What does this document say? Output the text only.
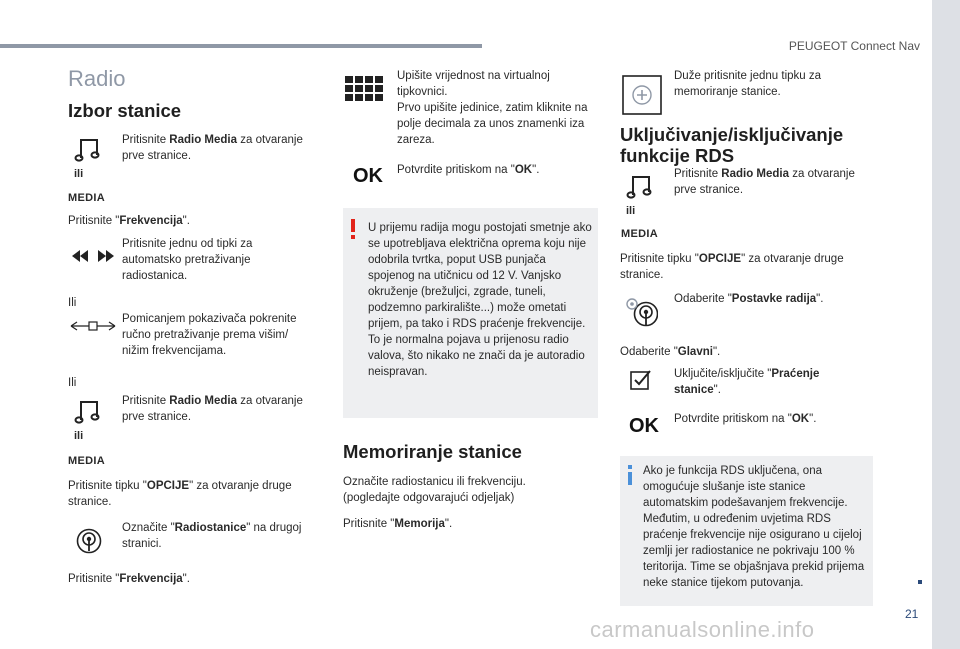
PEUGEOT Connect Nav
21
Radio
Izbor stanice
Pritisnite Radio Media za otvaranje prve stranice.
ili
MEDIA
Pritisnite "Frekvencija".
Pritisnite jednu od tipki za automatsko pretraživanje radiostanica.
Ili
Pomicanjem pokazivača pokrenite ručno pretraživanje prema višim/ nižim frekvencijama.
Ili
Pritisnite Radio Media za otvaranje prve stranice.
ili
MEDIA
Pritisnite tipku "OPCIJE" za otvaranje druge stranice.
Označite "Radiostanice" na drugoj stranici.
Pritisnite "Frekvencija".
Upišite vrijednost na virtualnoj tipkovnici.
Prvo upišite jedinice, zatim kliknite na polje decimala za unos znamenki iza zareza.
OK Potvrdite pritiskom na "OK".
U prijemu radija mogu postojati smetnje ako se upotrebljava električna oprema koju nije odobrila tvrtka, poput USB punjača spojenog na utičnicu od 12 V. Vanjsko okruženje (brežuljci, zgrade, tuneli, podzemno parkiralište...) može ometati prijem, pa tako i RDS praćenje frekvencije. To je normalna pojava u prijenosu radio valova, što nikako ne znači da je autoradio neispravan.
Memoriranje stanice
Označite radiostanicu ili frekvenciju. (pogledajte odgovarajući odjeljak)
Pritisnite "Memorija".
Duže pritisnite jednu tipku za memoriranje stanice.
Uključivanje/isključivanje funkcije RDS
Pritisnite Radio Media za otvaranje prve stranice.
ili
MEDIA
Pritisnite tipku "OPCIJE" za otvaranje druge stranice.
Odaberite "Postavke radija".
Odaberite "Glavni".
Uključite/isključite "Praćenje stanice".
OK Potvrdite pritiskom na "OK".
Ako je funkcija RDS uključena, ona omogućuje slušanje iste stanice automatskim podešavanjem frekvencije. Međutim, u određenim uvjetima RDS praćenje frekvencije nije osigurano u cijeloj zemlji jer radiostanice ne pokrivaju 100 % teritorija. Time se objašnjava prekid prijema neke stanice tijekom putovanja.
carmanualsonline.info
